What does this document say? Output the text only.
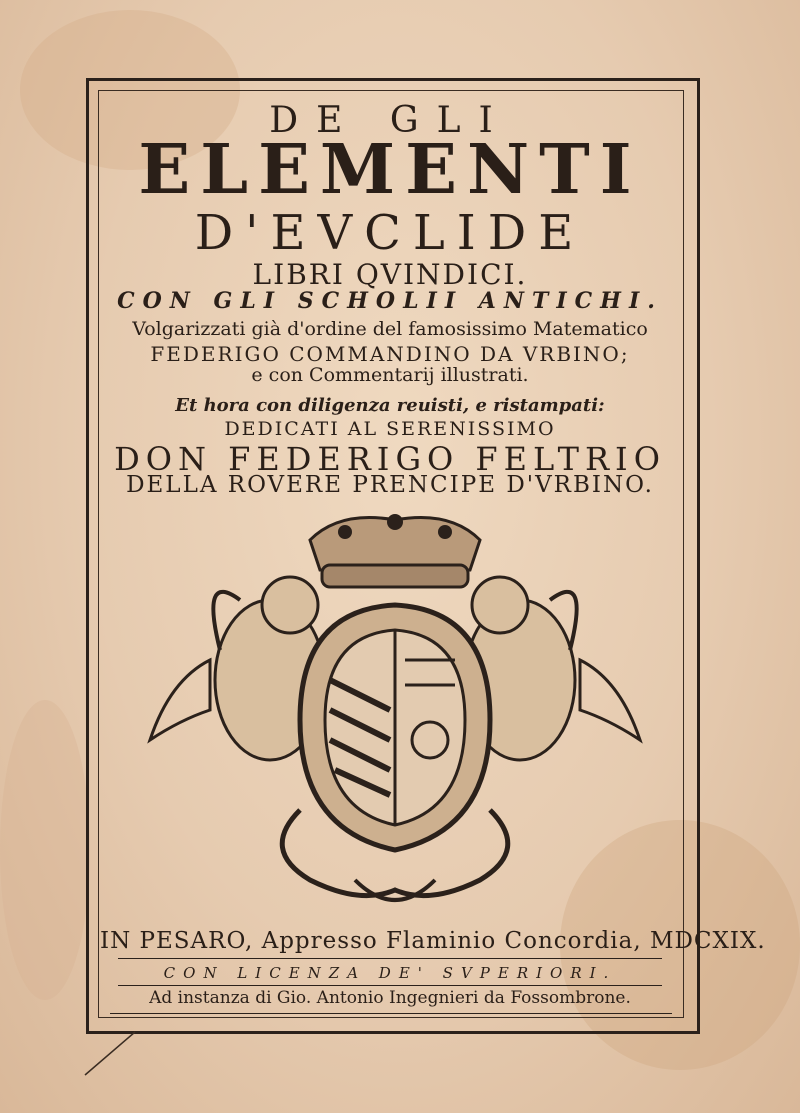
DE GLI
ELEMENTI
D'EVCLIDE
LIBRI QVINDICI.
CON GLI SCHOLII ANTICHI.
Volgarizzati già d'ordine del famosissimo Matematico
FEDERIGO COMMANDINO DA VRBINO;
e con Commentarij illustrati.
Et hora con diligenza reuisti, e ristampati:
DEDICATI AL SERENISSIMO
DON FEDERIGO FELTRIO
DELLA ROVERE PRENCIPE D'VRBINO.
IN PESARO, Appresso Flaminio Concordia, MDCXIX.
CON LICENZA DE' SVPERIORI.
Ad instanza di Gio. Antonio Ingegnieri da Fossombrone.
